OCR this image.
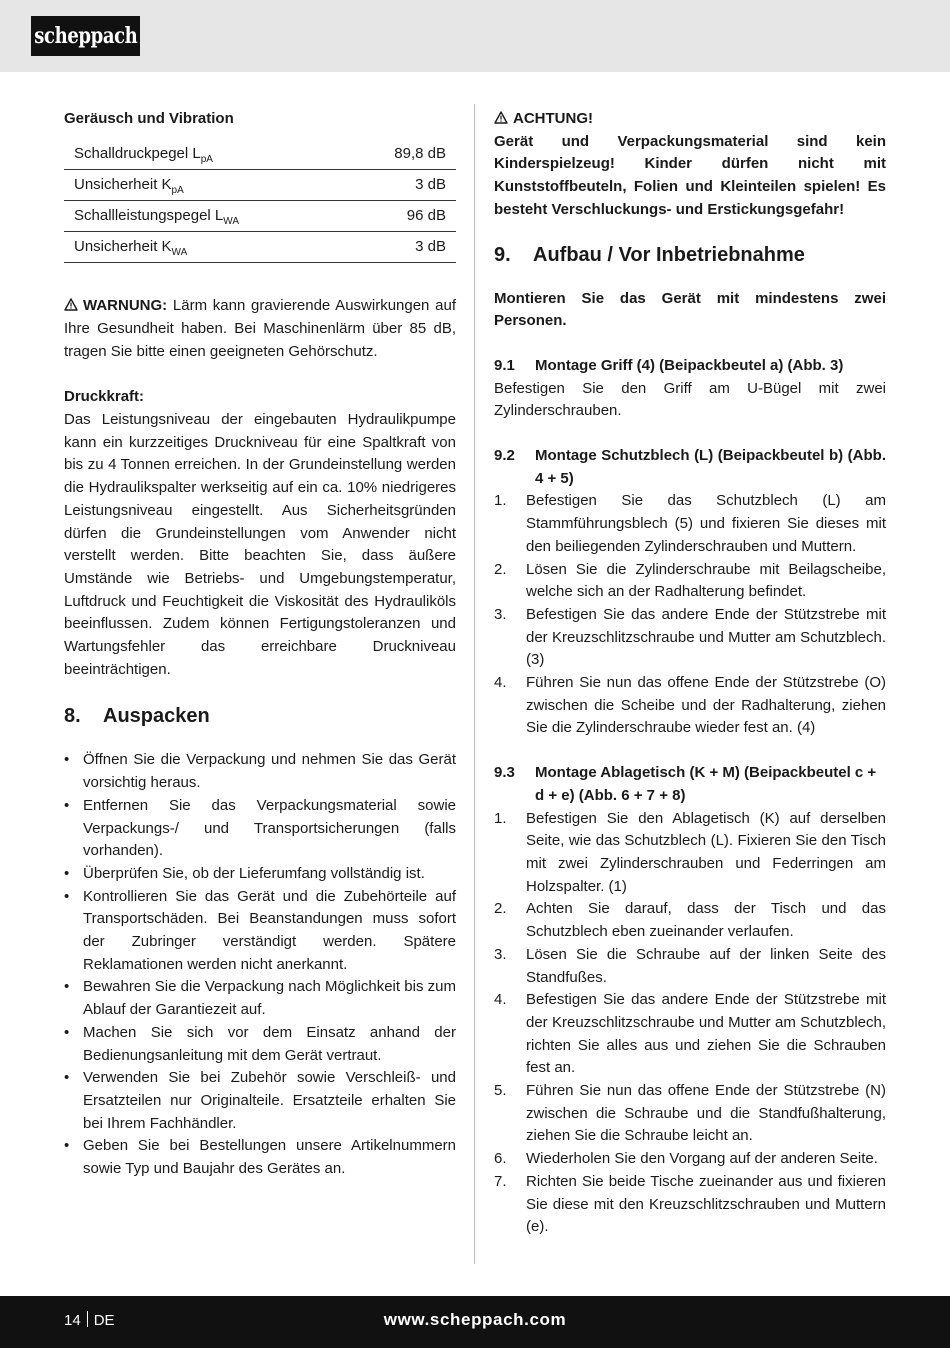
scheppach
Geräusch und Vibration
Schalldruckpegel $L_{pA}$	89,8 dB
Unsicherheit $K_{pA}$	3 dB
Schallleistungspegel $L_{WA}$	96 dB
Unsicherheit $K_{WA}$	3 dB
WARNUNG: Lärm kann gravierende Auswirkungen auf Ihre Gesundheit haben. Bei Maschinenlärm über 85 dB, tragen Sie bitte einen geeigneten Gehörschutz.
Druckkraft:
Das Leistungsniveau der eingebauten Hydraulikpumpe kann ein kurzzeitiges Druckniveau für eine Spaltkraft von bis zu 4 Tonnen erreichen. In der Grundeinstellung werden die Hydraulikspalter werkseitig auf ein ca. 10% niedrigeres Leistungsniveau eingestellt. Aus Sicherheitsgründen dürfen die Grundeinstellungen vom Anwender nicht verstellt werden. Bitte beachten Sie, dass äußere Umstände wie Betriebs- und Umgebungstemperatur, Luftdruck und Feuchtigkeit die Viskosität des Hydrauliköls beeinflussen. Zudem können Fertigungstoleranzen und Wartungsfehler das erreichbare Druckniveau beeinträchtigen.
8.	Auspacken
• Öffnen Sie die Verpackung und nehmen Sie das Gerät vorsichtig heraus.
• Entfernen Sie das Verpackungsmaterial sowie Verpackungs-/ und Transportsicherungen (falls vorhanden).
• Überprüfen Sie, ob der Lieferumfang vollständig ist.
• Kontrollieren Sie das Gerät und die Zubehörteile auf Transportschäden. Bei Beanstandungen muss sofort der Zubringer verständigt werden. Spätere Reklamationen werden nicht anerkannt.
• Bewahren Sie die Verpackung nach Möglichkeit bis zum Ablauf der Garantiezeit auf.
• Machen Sie sich vor dem Einsatz anhand der Bedienungsanleitung mit dem Gerät vertraut.
• Verwenden Sie bei Zubehör sowie Verschleiß- und Ersatzteilen nur Originalteile. Ersatzteile erhalten Sie bei Ihrem Fachhändler.
• Geben Sie bei Bestellungen unsere Artikelnummern sowie Typ und Baujahr des Gerätes an.
ACHTUNG!
Gerät und Verpackungsmaterial sind kein Kinderspielzeug! Kinder dürfen nicht mit Kunststoffbeuteln, Folien und Kleinteilen spielen! Es besteht Verschluckungs- und Erstickungsgefahr!
9.	Aufbau / Vor Inbetriebnahme
Montieren Sie das Gerät mit mindestens zwei Personen.
9.1	Montage Griff (4) (Beipackbeutel a) (Abb. 3)
Befestigen Sie den Griff am U-Bügel mit zwei Zylinderschrauben.
9.2	Montage Schutzblech (L) (Beipackbeutel b) (Abb. 4 + 5)
1. Befestigen Sie das Schutzblech (L) am Stammführungsblech (5) und fixieren Sie dieses mit den beiliegenden Zylinderschrauben und Muttern.
2. Lösen Sie die Zylinderschraube mit Beilagscheibe, welche sich an der Radhalterung befindet.
3. Befestigen Sie das andere Ende der Stützstrebe mit der Kreuzschlitzschraube und Mutter am Schutzblech. (3)
4. Führen Sie nun das offene Ende der Stützstrebe (O) zwischen die Scheibe und der Radhalterung, ziehen Sie die Zylinderschraube wieder fest an. (4)
9.3	Montage Ablagetisch (K + M) (Beipackbeutel c + d + e) (Abb. 6 + 7 + 8)
1. Befestigen Sie den Ablagetisch (K) auf derselben Seite, wie das Schutzblech (L). Fixieren Sie den Tisch mit zwei Zylinderschrauben und Federringen am Holzspalter. (1)
2. Achten Sie darauf, dass der Tisch und das Schutzblech eben zueinander verlaufen.
3. Lösen Sie die Schraube auf der linken Seite des Standfußes.
4. Befestigen Sie das andere Ende der Stützstrebe mit der Kreuzschlitzschraube und Mutter am Schutzblech, richten Sie alles aus und ziehen Sie die Schrauben fest an.
5. Führen Sie nun das offene Ende der Stützstrebe (N) zwischen die Schraube und die Standfußhalterung, ziehen Sie die Schraube leicht an.
6. Wiederholen Sie den Vorgang auf der anderen Seite.
7. Richten Sie beide Tische zueinander aus und fixieren Sie diese mit den Kreuzschlitzschrauben und Muttern (e).
14 DE	www.scheppach.com
